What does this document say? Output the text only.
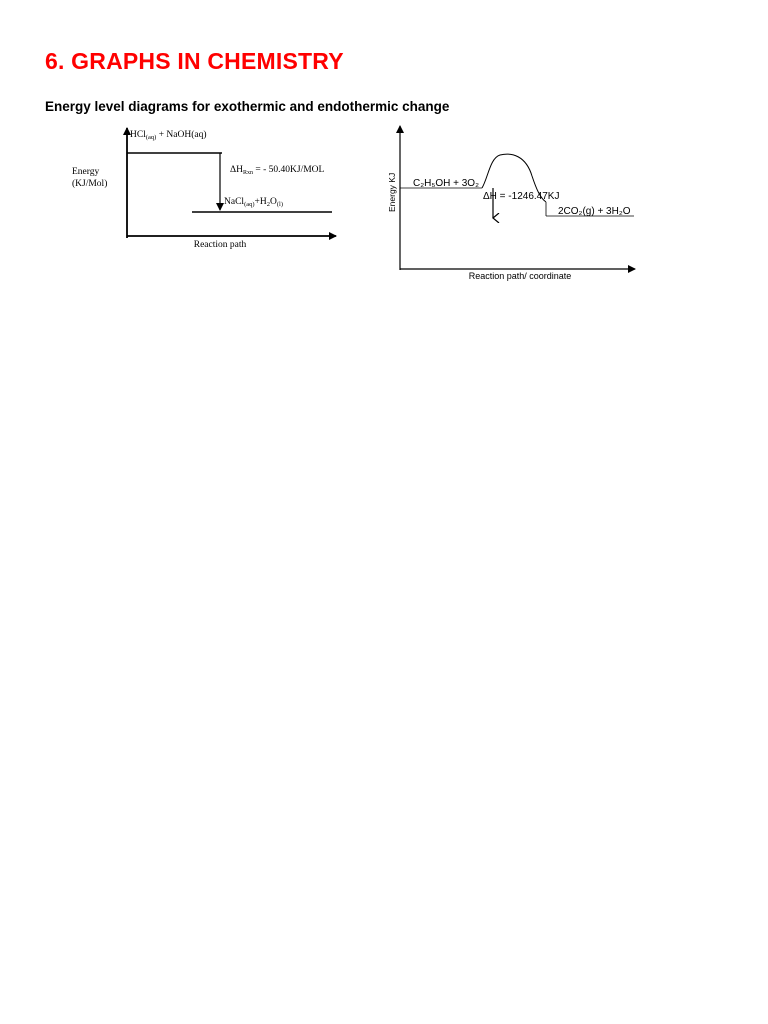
6. GRAPHS IN CHEMISTRY

Energy level diagrams for exothermic and endothermic change

Energy
(KJ/Mol)
HCl$_{(aq)}$ + NaOH(aq)
$\Delta H_{Rxn}$ = - 50.40KJ/MOL
$NaCl_{(aq)}+H_2O_{(l)}$
Reaction path
Energy KJ C₂H₅OH + 3O₂
ΔH = -1246.47KJ
2CO₂(g) + 3H₂O
Reaction path/ coordinate
